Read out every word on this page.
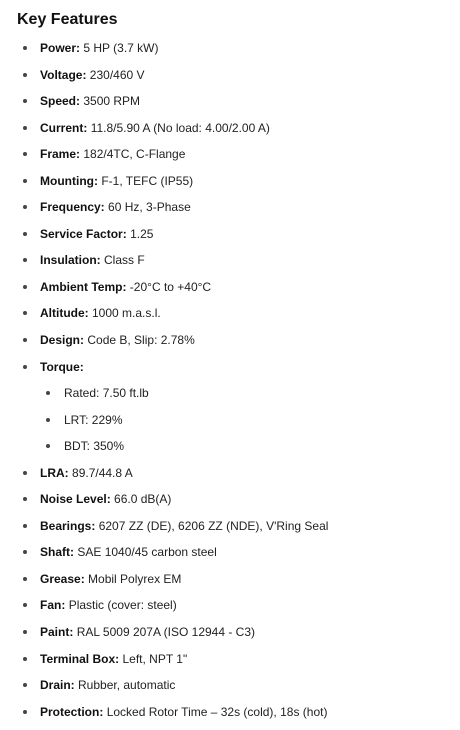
Key Features
Power: 5 HP (3.7 kW)
Voltage: 230/460 V
Speed: 3500 RPM
Current: 11.8/5.90 A (No load: 4.00/2.00 A)
Frame: 182/4TC, C-Flange
Mounting: F-1, TEFC (IP55)
Frequency: 60 Hz, 3-Phase
Service Factor: 1.25
Insulation: Class F
Ambient Temp: -20°C to +40°C
Altitude: 1000 m.a.s.l.
Design: Code B, Slip: 2.78%
Torque:
Rated: 7.50 ft.lb
LRT: 229%
BDT: 350%
LRA: 89.7/44.8 A
Noise Level: 66.0 dB(A)
Bearings: 6207 ZZ (DE), 6206 ZZ (NDE), V'Ring Seal
Shaft: SAE 1040/45 carbon steel
Grease: Mobil Polyrex EM
Fan: Plastic (cover: steel)
Paint: RAL 5009 207A (ISO 12944 - C3)
Terminal Box: Left, NPT 1"
Drain: Rubber, automatic
Protection: Locked Rotor Time – 32s (cold), 18s (hot)
